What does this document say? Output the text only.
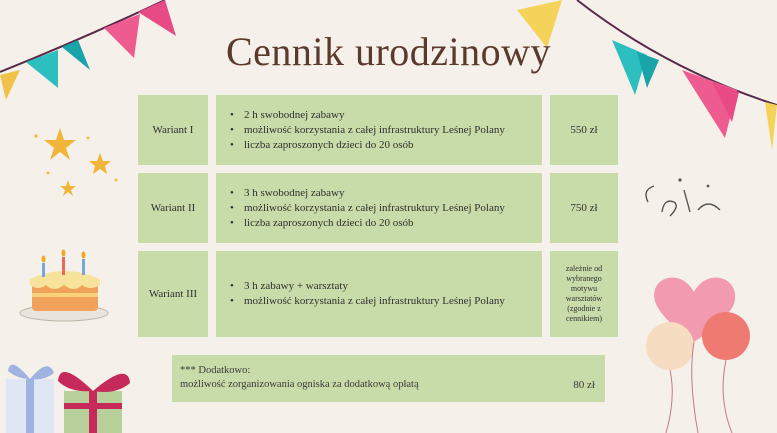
Cennik urodzinowy
Wariant I
• 2 h swobodnej zabawy
• możliwość korzystania z całej infrastruktury Leśnej Polany
• liczba zaproszonych dzieci do 20 osób
550 zł
Wariant II
• 3 h swobodnej zabawy
• możliwość korzystania z całej infrastruktury Leśnej Polany
• liczba zaproszonych dzieci do 20 osób
750 zł
Wariant III
• 3 h zabawy + warsztaty
• możliwość korzystania z całej infrastruktury Leśnej Polany
zależnie od wybranego motywu warsztatów (zgodnie z cennikiem)
*** Dodatkowo:
możliwość zorganizowania ogniska za dodatkową opłatą	80 zł
